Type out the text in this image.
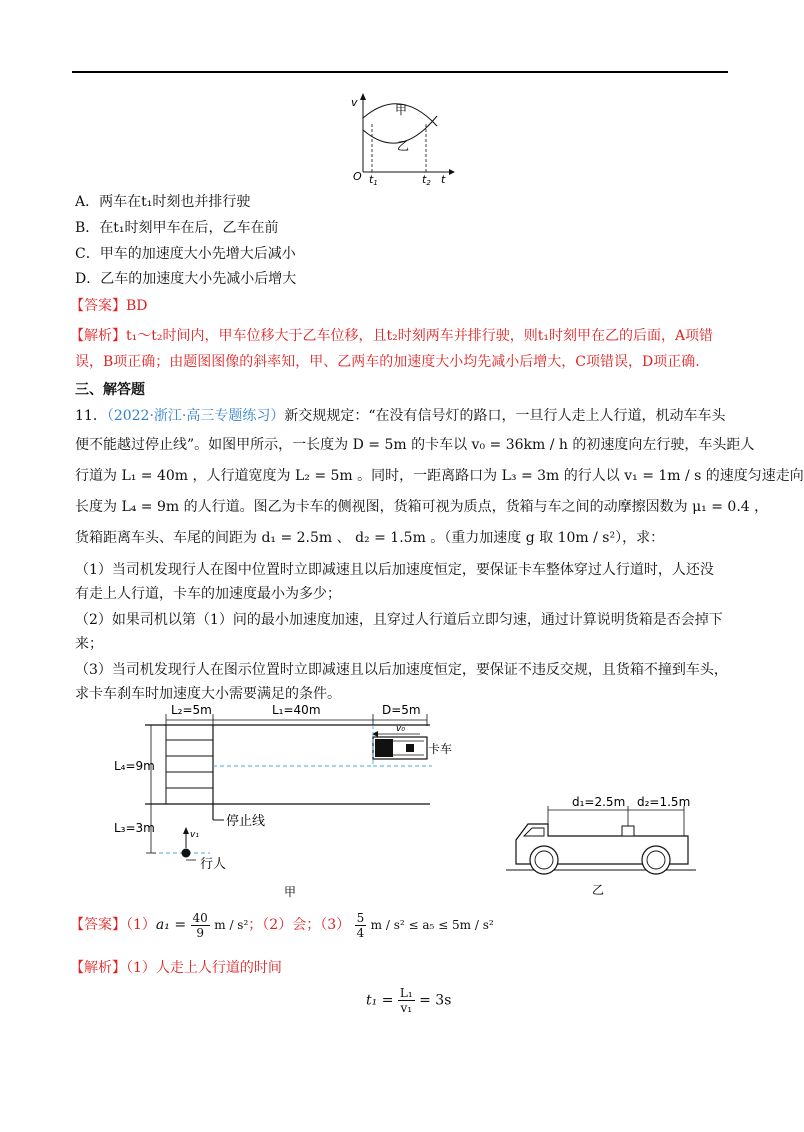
v
甲
乙
O t1	t2 t
A．两车在t₁时刻也并排行驶
B．在t₁时刻甲车在后，乙车在前
C．甲车的加速度大小先增大后减小
D．乙车的加速度大小先减小后增大
【答案】BD
【解析】t₁～t₂时间内，甲车位移大于乙车位移，且t₂时刻两车并排行驶，则t₁时刻甲在乙的后面，A项错
误，B项正确；由题图图像的斜率知，甲、乙两车的加速度大小均先减小后增大，C项错误，D项正确.
三、解答题
11．（2022·浙江·高三专题练习）新交规规定：“在没有信号灯的路口，一旦行人走上人行道，机动车车头
便不能越过停止线”。如图甲所示，一长度为 D = 5m 的卡车以 v₀ = 36km / h 的初速度向左行驶，车头距人
行道为 L₁ = 40m ，人行道宽度为 L₂ = 5m 。同时，一距离路口为 L₃ = 3m 的行人以 v₁ = 1m / s 的速度匀速走向
长度为 L₄ = 9m 的人行道。图乙为卡车的侧视图，货箱可视为质点，货箱与车之间的动摩擦因数为 μ₁ = 0.4 ，
货箱距离车头、车尾的间距为 d₁ = 2.5m 、 d₂ = 1.5m 。（重力加速度 g 取 10m / s²），求：
（1）当司机发现行人在图中位置时立即减速且以后加速度恒定，要保证卡车整体穿过人行道时，人还没
有走上人行道，卡车的加速度最小为多少；
（2）如果司机以第（1）问的最小加速度加速，且穿过人行道后立即匀速，通过计算说明货箱是否会掉下
来；
（3）当司机发现行人在图示位置时立即减速且以后加速度恒定，要保证不违反交规，且货箱不撞到车头，
求卡车刹车时加速度大小需要满足的条件。
L₂=5m	L₁=40m	D=5m
v₀
卡车
L₄=9m
L₃=3m	停止线
v₁
行人
甲
d₁=2.5m d₂=1.5m
乙
【答案】$(1)a_1 = \frac{40}{9}$ m / s²；（2）会；$(3) \frac{5}{4}$ m / s² ≤ a₅ ≤ 5m / s²
【解析】（1）人走上人行道的时间
$t_1 = \frac{\text{L₁}}{\text{v₁}} = 3s$
